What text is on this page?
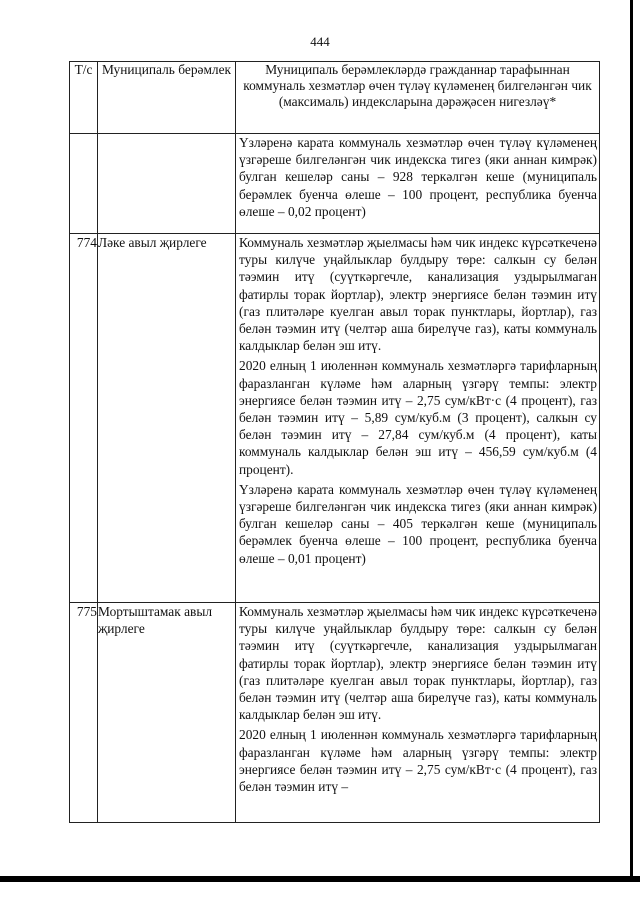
444
Т/с	Муниципаль берәмлек	Муниципаль берәмлекләрдә гражданнар тарафыннан коммуналь хезмәтләр өчен түләү күләменең билгеләнгән чик (максималь) индексларына дәрәҗәсен нигезләү*

		Үзләренә карата коммуналь хезмәтләр өчен түләү күләменең үзгәреше билгеләнгән чик индекска тигез (яки аннан кимрәк) булган кешеләр саны – 928 теркәлгән кеше (муниципаль берәмлек буенча өлеше – 100 процент, республика буенча өлеше – 0,02 процент)

774	Ләке авыл җирлеге	Коммуналь хезмәтләр җыелмасы һәм чик индекс күрсәткеченә туры килүче уңайлыклар булдыру төре: салкын су белән тәэмин итү (суүткәргечле, канализация уздырылмаган фатирлы торак йортлар), электр энергиясе белән тәэмин итү (газ плитәләре куелган авыл торак пунктлары, йортлар), газ белән тәэмин итү (челтәр аша бирелүче газ), каты коммуналь калдыклар белән эш итү.

2020 елның 1 июленнән коммуналь хезмәтләргә тарифларның фаразланган күләме һәм аларның үзгәрү темпы: электр энергиясе белән тәэмин итү – 2,75 сум/кВт·с (4 процент), газ белән тәэмин итү – 5,89 сум/куб.м (3 процент), салкын су белән тәэмин итү – 27,84 сум/куб.м (4 процент), каты коммуналь калдыклар белән эш итү – 456,59 сум/куб.м (4 процент).

Үзләренә карата коммуналь хезмәтләр өчен түләү күләменең үзгәреше билгеләнгән чик индекска тигез (яки аннан кимрәк) булган кешеләр саны – 405 теркәлгән кеше (муниципаль берәмлек буенча өлеше – 100 процент, республика буенча өлеше – 0,01 процент)

775	Мортыштамак авыл җирлеге	Коммуналь хезмәтләр җыелмасы һәм чик индекс күрсәткеченә туры килүче уңайлыклар булдыру төре: салкын су белән тәэмин итү (суүткәргечле, канализация уздырылмаган фатирлы торак йортлар), электр энергиясе белән тәэмин итү (газ плитәләре куелган авыл торак пунктлары, йортлар), газ белән тәэмин итү (челтәр аша бирелүче газ), каты коммуналь калдыклар белән эш итү.

2020 елның 1 июленнән коммуналь хезмәтләргә тарифларның фаразланган күләме һәм аларның үзгәрү темпы: электр энергиясе белән тәэмин итү – 2,75 сум/кВт·с (4 процент), газ белән тәэмин итү –
